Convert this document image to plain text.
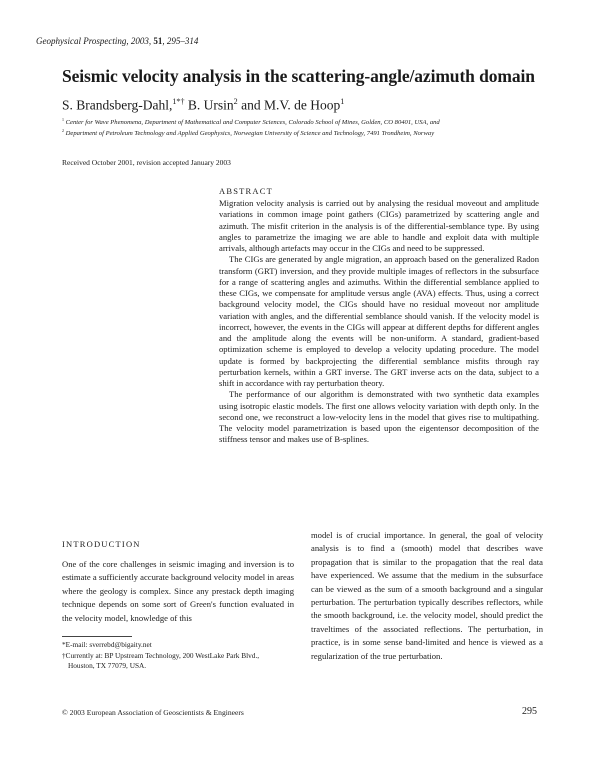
Geophysical Prospecting, 2003, 51, 295–314
Seismic velocity analysis in the scattering-angle/azimuth domain
S. Brandsberg-Dahl,$^{1*\dagger}$ B. Ursin$^2$ and M.V. de Hoop$^1$
$^1$ Center for Wave Phenomena, Department of Mathematical and Computer Sciences, Colorado School of Mines, Golden, CO 80401, USA, and
$^2$ Department of Petroleum Technology and Applied Geophysics, Norwegian University of Science and Technology, 7491 Trondheim, Norway
Received October 2001, revision accepted January 2003
ABSTRACT

Migration velocity analysis is carried out by analysing the residual moveout and amplitude variations in common image point gathers (CIGs) parametrized by scattering angle and azimuth. The misfit criterion in the analysis is of the differential-semblance type. By using angles to parametrize the imaging we are able to handle and exploit data with multiple arrivals, although artefacts may occur in the CIGs and need to be suppressed.

The CIGs are generated by angle migration, an approach based on the generalized Radon transform (GRT) inversion, and they provide multiple images of reflectors in the subsurface for a range of scattering angles and azimuths. Within the differential semblance applied to these CIGs, we compensate for amplitude versus angle (AVA) effects. Thus, using a correct background velocity model, the CIGs should have no residual moveout nor amplitude variation with angles, and the differential semblance should vanish. If the velocity model is incorrect, however, the events in the CIGs will appear at different depths for different angles and the amplitude along the events will be non-uniform. A standard, gradient-based optimization scheme is employed to develop a velocity updating procedure. The model update is formed by backprojecting the differential semblance misfits through ray perturbation kernels, within a GRT inverse. The GRT inverse acts on the data, subject to a shift in accordance with ray perturbation theory.

The performance of our algorithm is demonstrated with two synthetic data examples using isotropic elastic models. The first one allows velocity variation with depth only. In the second one, we reconstruct a low-velocity lens in the model that gives rise to multipathing. The velocity model parametrization is based upon the eigentensor decomposition of the stiffness tensor and makes use of B-splines.

INTRODUCTION

One of the core challenges in seismic imaging and inversion is to estimate a sufficiently accurate background velocity model in areas where the geology is complex. Since any prestack depth imaging technique depends on some sort of Green's function evaluated in the velocity model, knowledge of this

model is of crucial importance. In general, the goal of velocity analysis is to find a (smooth) model that describes wave propagation that is similar to the propagation that the real data have experienced. We assume that the medium in the subsurface can be viewed as the sum of a smooth background and a singular perturbation. The perturbation typically describes reflectors, while the smooth background, i.e. the velocity model, should predict the traveltimes of the associated reflections. The perturbation, in practice, is in some sense band-limited and hence is viewed as a regularization of the true perturbation.

*E-mail: sverrebd@bigaity.net

†Currently at: BP Upstream Technology, 200 WestLake Park Blvd.,

Houston, TX 77079, USA.

© 2003 European Association of Geoscientists & Engineers	295
